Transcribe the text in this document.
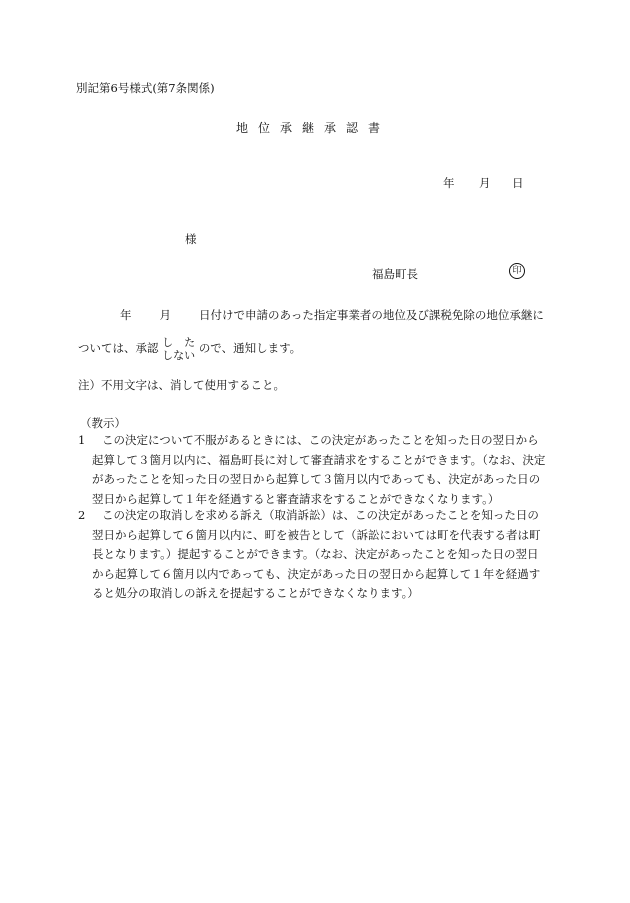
別記第6号様式(第7条関係)
地位承継承認書
年 月 日
様
福島町長	印
年 月 日付けで申請のあった指定事業者の地位及び課税免除の地位承継に
ついては、承認 し　た
しない
ので、通知します。
注）不用文字は、消して使用すること。
（教示）
1	この決定について不服があるときには、この決定があったことを知った日の翌日から起算して３箇月以内に、福島町長に対して審査請求をすることができます。（なお、決定があったことを知った日の翌日から起算して３箇月以内であっても、決定があった日の翌日から起算して１年を経過すると審査請求をすることができなくなります。）
2	この決定の取消しを求める訴え（取消訴訟）は、この決定があったことを知った日の翌日から起算して６箇月以内に、町を被告として（訴訟においては町を代表する者は町長となります。）提起することができます。（なお、決定があったことを知った日の翌日から起算して６箇月以内であっても、決定があった日の翌日から起算して１年を経過すると処分の取消しの訴えを提起することができなくなります。）
